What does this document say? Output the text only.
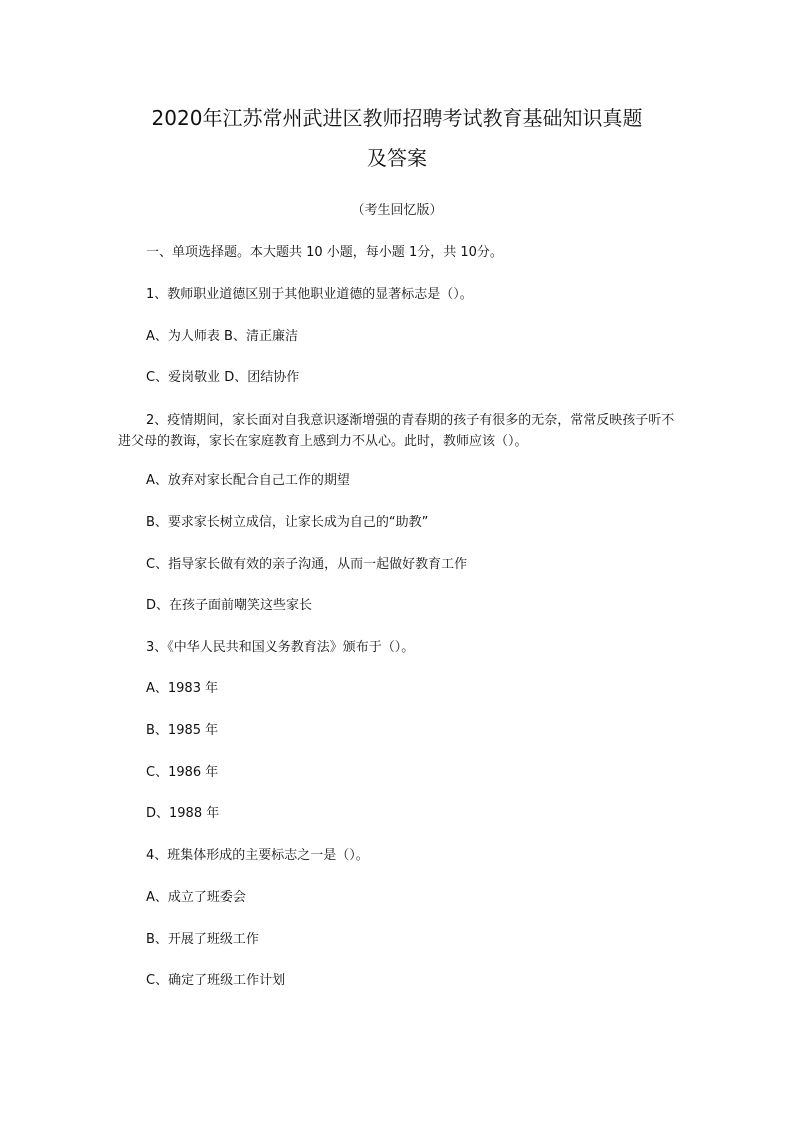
2020年江苏常州武进区教师招聘考试教育基础知识真题
及答案
（考生回忆版）
一、单项选择题。本大题共 10 小题，每小题 1分，共 10分。
1、教师职业道德区别于其他职业道德的显著标志是（）。
A、为人师表 B、清正廉洁
C、爱岗敬业 D、团结协作
2、疫情期间，家长面对自我意识逐渐增强的青春期的孩子有很多的无奈，常常反映孩子听不进父母的教诲，家长在家庭教育上感到力不从心。此时，教师应该（）。
A、放弃对家长配合自己工作的期望
B、要求家长树立成信，让家长成为自己的“助教”
C、指导家长做有效的亲子沟通，从而一起做好教育工作
D、在孩子面前嘲笑这些家长
3、《中华人民共和国义务教育法》颁布于（）。
A、1983 年
B、1985 年
C、1986 年
D、1988 年
4、班集体形成的主要标志之一是（）。
A、成立了班委会
B、开展了班级工作
C、确定了班级工作计划
